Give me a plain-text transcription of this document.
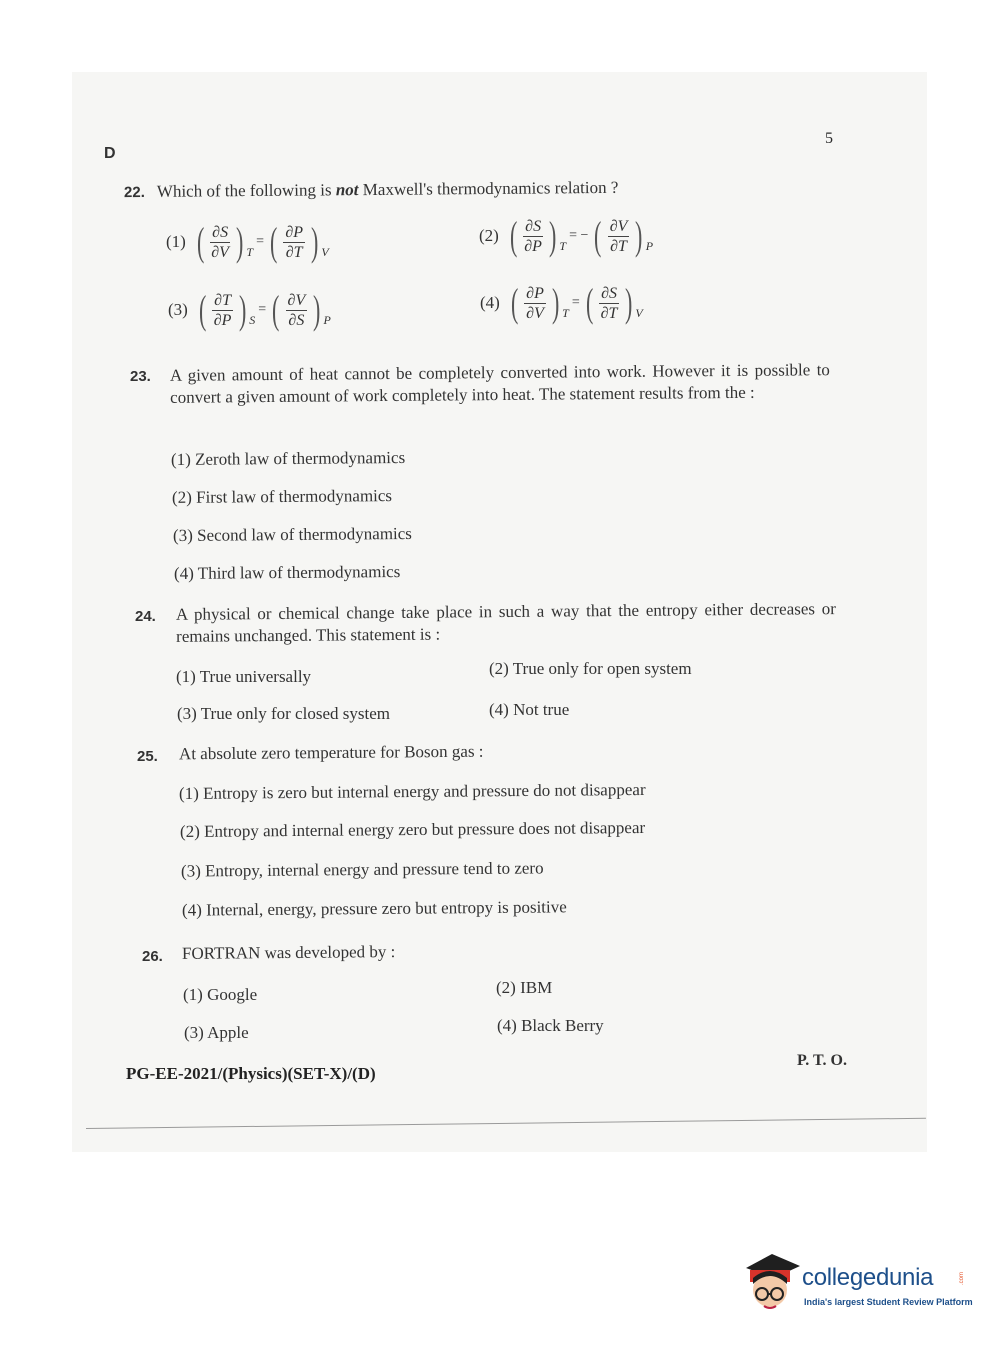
D
5
22. Which of the following is not Maxwell's thermodynamics relation ?
(1) ( $\frac{\partial S}{\partial V}$ ) T
= ( $\frac{\partial P}{\partial T}$ ) V
(2) ( $\frac{\partial S}{\partial P}$ ) T
= − ( $\frac{\partial V}{\partial T}$ ) P
(3) ( $\frac{\partial T}{\partial P}$ ) S
= ( $\frac{\partial V}{\partial S}$ ) P
(4) ( $\frac{\partial P}{\partial V}$ ) T
= ( $\frac{\partial S}{\partial T}$ ) V
23. A given amount of heat cannot be completely converted into work. However it is possible to convert a given amount of work completely into heat. The statement results from the :
(1) Zeroth law of thermodynamics
(2) First law of thermodynamics
(3) Second law of thermodynamics
(4) Third law of thermodynamics
24. A physical or chemical change take place in such a way that the entropy either decreases or remains unchanged. This statement is :
(1) True universally	(2) True only for open system
(3) True only for closed system	(4) Not true
25. At absolute zero temperature for Boson gas :
(1) Entropy is zero but internal energy and pressure do not disappear
(2) Entropy and internal energy zero but pressure does not disappear
(3) Entropy, internal energy and pressure tend to zero
(4) Internal, energy, pressure zero but entropy is positive
26. FORTRAN was developed by :
(1) Google	(2) IBM
(3) Apple	(4) Black Berry
PG-EE-2021/(Physics)(SET-X)/(D)
P. T. O.
collegedunia	.com
India's largest Student Review Platform
